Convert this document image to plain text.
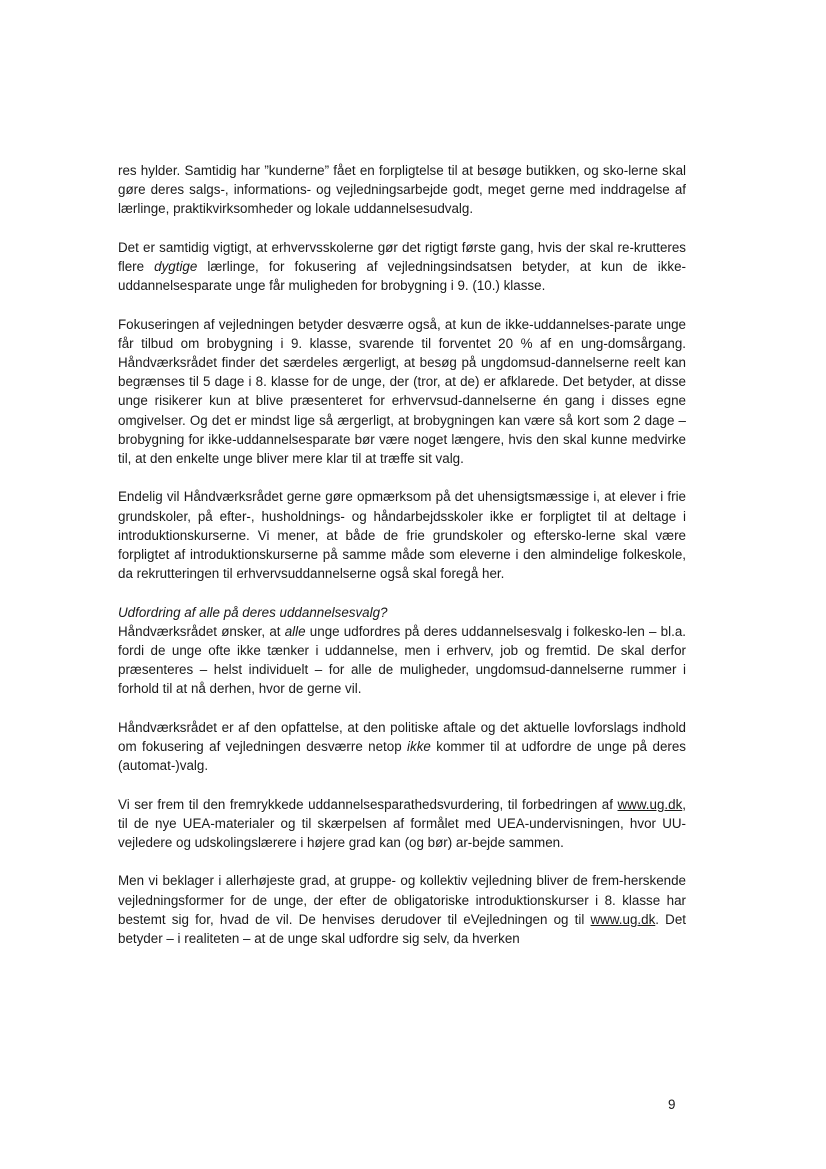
res hylder. Samtidig har ”kunderne” fået en forpligtelse til at besøge butikken, og sko-lerne skal gøre deres salgs-, informations- og vejledningsarbejde godt, meget gerne med inddragelse af lærlinge, praktikvirksomheder og lokale uddannelsesudvalg.

Det er samtidig vigtigt, at erhvervsskolerne gør det rigtigt første gang, hvis der skal re-krutteres flere dygtige lærlinge, for fokusering af vejledningsindsatsen betyder, at kun de ikke-uddannelsesparate unge får muligheden for brobygning i 9. (10.) klasse.

Fokuseringen af vejledningen betyder desværre også, at kun de ikke-uddannelses-parate unge får tilbud om brobygning i 9. klasse, svarende til forventet 20 % af en ung-domsårgang. Håndværksrådet finder det særdeles ærgerligt, at besøg på ungdomsud-dannelserne reelt kan begrænses til 5 dage i 8. klasse for de unge, der (tror, at de) er afklarede. Det betyder, at disse unge risikerer kun at blive præsenteret for erhvervsud-dannelserne én gang i disses egne omgivelser. Og det er mindst lige så ærgerligt, at brobygningen kan være så kort som 2 dage – brobygning for ikke-uddannelsesparate bør være noget længere, hvis den skal kunne medvirke til, at den enkelte unge bliver mere klar til at træffe sit valg.

Endelig vil Håndværksrådet gerne gøre opmærksom på det uhensigtsmæssige i, at elever i frie grundskoler, på efter-, husholdnings- og håndarbejdsskoler ikke er forpligtet til at deltage i introduktionskurserne. Vi mener, at både de frie grundskoler og eftersko-lerne skal være forpligtet af introduktionskurserne på samme måde som eleverne i den almindelige folkeskole, da rekrutteringen til erhvervsuddannelserne også skal foregå her.

Udfordring af alle på deres uddannelsesvalg?
Håndværksrådet ønsker, at alle unge udfordres på deres uddannelsesvalg i folkesko-len – bl.a. fordi de unge ofte ikke tænker i uddannelse, men i erhverv, job og fremtid. De skal derfor præsenteres – helst individuelt – for alle de muligheder, ungdomsud-dannelserne rummer i forhold til at nå derhen, hvor de gerne vil.

Håndværksrådet er af den opfattelse, at den politiske aftale og det aktuelle lovforslags indhold om fokusering af vejledningen desværre netop ikke kommer til at udfordre de unge på deres (automat-)valg.

Vi ser frem til den fremrykkede uddannelsesparathedsvurdering, til forbedringen af www.ug.dk, til de nye UEA-materialer og til skærpelsen af formålet med UEA-undervisningen, hvor UU-vejledere og udskolingslærere i højere grad kan (og bør) ar-bejde sammen.

Men vi beklager i allerhøjeste grad, at gruppe- og kollektiv vejledning bliver de frem-herskende vejledningsformer for de unge, der efter de obligatoriske introduktionskurser i 8. klasse har bestemt sig for, hvad de vil. De henvises derudover til eVejledningen og til www.ug.dk. Det betyder – i realiteten – at de unge skal udfordre sig selv, da hverken

9
